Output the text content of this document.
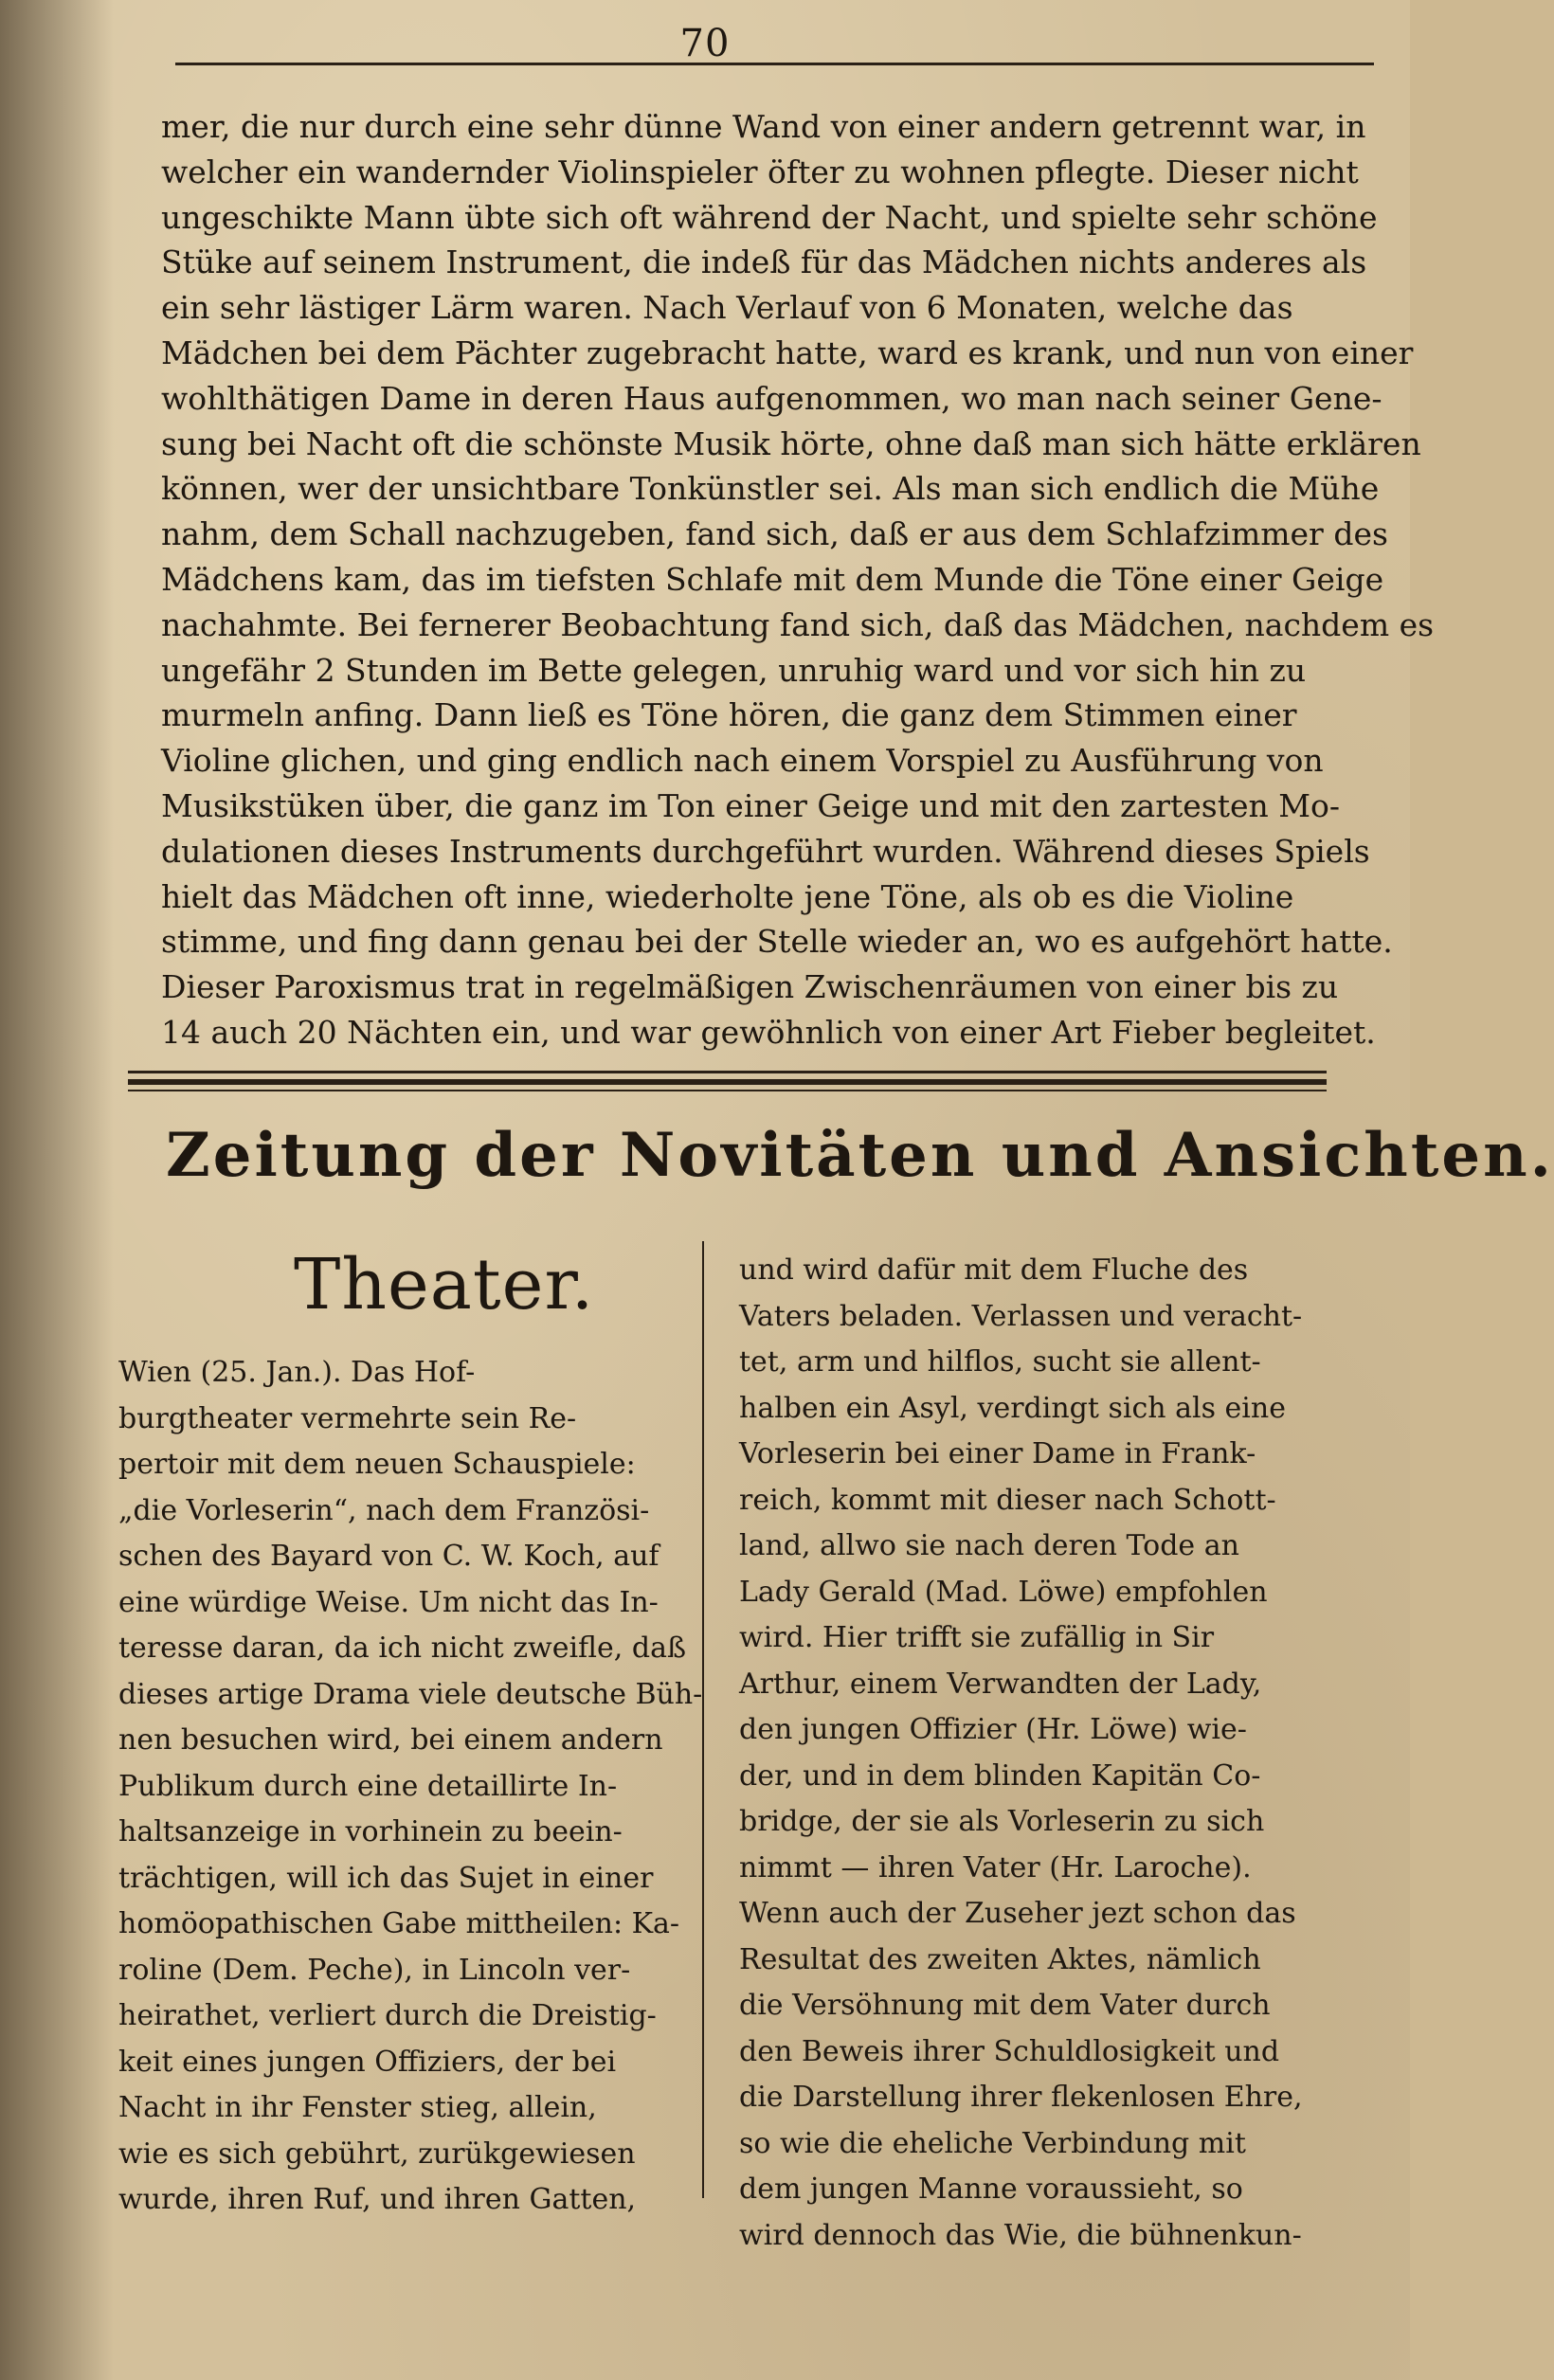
70
mer, die nur durch eine sehr dünne Wand von einer andern getrennt war, in
welcher ein wandernder Violinspieler öfter zu wohnen pflegte. Dieser nicht
ungeschikte Mann übte sich oft während der Nacht, und spielte sehr schöne
Stüke auf seinem Instrument, die indeß für das Mädchen nichts anderes als
ein sehr lästiger Lärm waren. Nach Verlauf von 6 Monaten, welche das
Mädchen bei dem Pächter zugebracht hatte, ward es krank, und nun von einer
wohlthätigen Dame in deren Haus aufgenommen, wo man nach seiner Gene-
sung bei Nacht oft die schönste Musik hörte, ohne daß man sich hätte erklären
können, wer der unsichtbare Tonkünstler sei. Als man sich endlich die Mühe
nahm, dem Schall nachzugeben, fand sich, daß er aus dem Schlafzimmer des
Mädchens kam, das im tiefsten Schlafe mit dem Munde die Töne einer Geige
nachahmte. Bei fernerer Beobachtung fand sich, daß das Mädchen, nachdem es
ungefähr 2 Stunden im Bette gelegen, unruhig ward und vor sich hin zu
murmeln anfing. Dann ließ es Töne hören, die ganz dem Stimmen einer
Violine glichen, und ging endlich nach einem Vorspiel zu Ausführung von
Musikstüken über, die ganz im Ton einer Geige und mit den zartesten Mo-
dulationen dieses Instruments durchgeführt wurden. Während dieses Spiels
hielt das Mädchen oft inne, wiederholte jene Töne, als ob es die Violine
stimme, und fing dann genau bei der Stelle wieder an, wo es aufgehört hatte.
Dieser Paroxismus trat in regelmäßigen Zwischenräumen von einer bis zu
14 auch 20 Nächten ein, und war gewöhnlich von einer Art Fieber begleitet.
Zeitung der Novitäten und Ansichten.
Theater.
Wien (25. Jan.). Das Hof-
burgtheater vermehrte sein Re-
pertoir mit dem neuen Schauspiele:
„die Vorleserin“, nach dem Französi-
schen des Bayard von C. W. Koch, auf
eine würdige Weise. Um nicht das In-
teresse daran, da ich nicht zweifle, daß
dieses artige Drama viele deutsche Büh-
nen besuchen wird, bei einem andern
Publikum durch eine detaillirte In-
haltsanzeige in vorhinein zu beein-
trächtigen, will ich das Sujet in einer
homöopathischen Gabe mittheilen: Ka-
roline (Dem. Peche), in Lincoln ver-
heirathet, verliert durch die Dreistig-
keit eines jungen Offiziers, der bei
Nacht in ihr Fenster stieg, allein,
wie es sich gebührt, zurükgewiesen
wurde, ihren Ruf, und ihren Gatten,
und wird dafür mit dem Fluche des
Vaters beladen. Verlassen und veracht-
tet, arm und hilflos, sucht sie allent-
halben ein Asyl, verdingt sich als eine
Vorleserin bei einer Dame in Frank-
reich, kommt mit dieser nach Schott-
land, allwo sie nach deren Tode an
Lady Gerald (Mad. Löwe) empfohlen
wird. Hier trifft sie zufällig in Sir
Arthur, einem Verwandten der Lady,
den jungen Offizier (Hr. Löwe) wie-
der, und in dem blinden Kapitän Co-
bridge, der sie als Vorleserin zu sich
nimmt — ihren Vater (Hr. Laroche).
Wenn auch der Zuseher jezt schon das
Resultat des zweiten Aktes, nämlich
die Versöhnung mit dem Vater durch
den Beweis ihrer Schuldlosigkeit und
die Darstellung ihrer flekenlosen Ehre,
so wie die eheliche Verbindung mit
dem jungen Manne voraussieht, so
wird dennoch das Wie, die bühnenkun-
